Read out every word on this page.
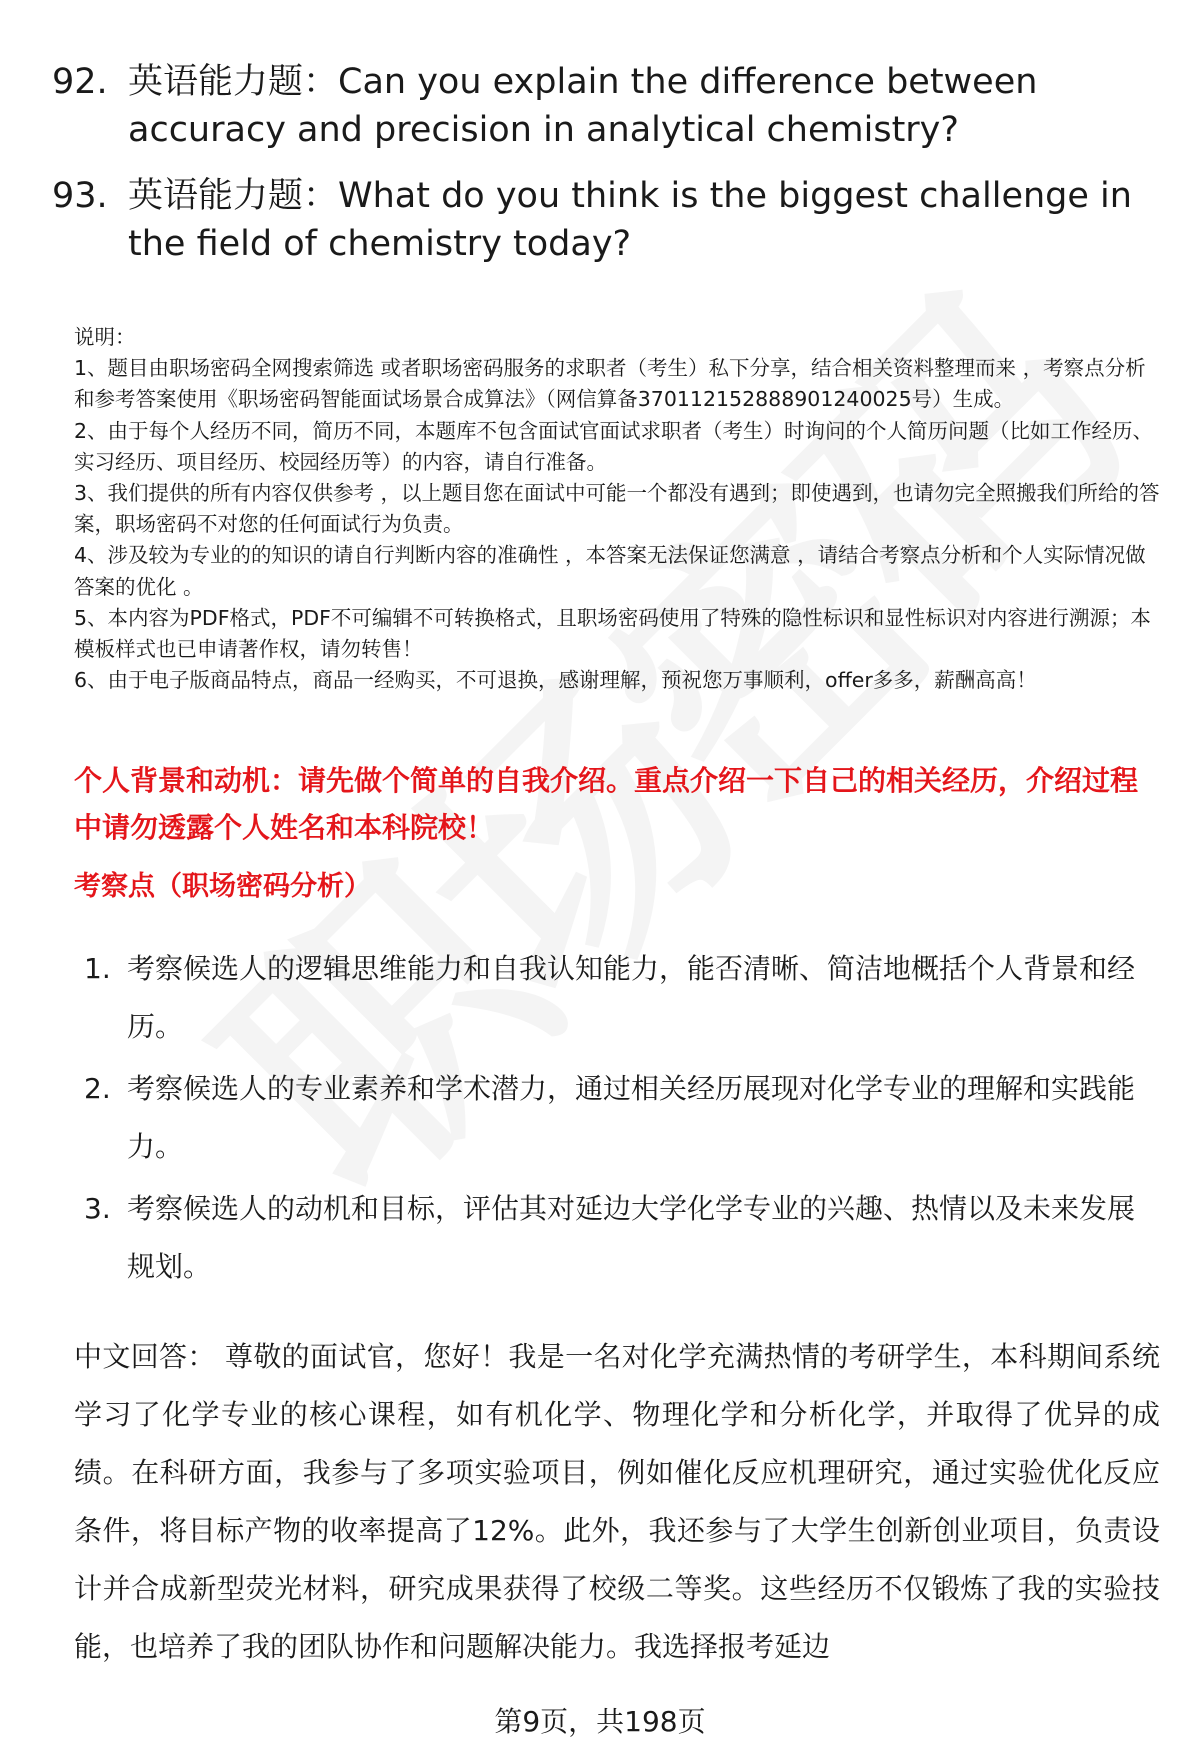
92. 英语能力题：Can you explain the difference between accuracy and precision in analytical chemistry?
93. 英语能力题：What do you think is the biggest challenge in the field of chemistry today?

说明：

1、题目由职场密码全网搜索筛选 或者职场密码服务的求职者（考生）私下分享，结合相关资料整理而来 ，考察点分析和参考答案使用《职场密码智能面试场景合成算法》（网信算备370112152888901240025号）生成。

2、由于每个人经历不同，简历不同，本题库不包含面试官面试求职者（考生）时询问的个人简历问题（比如工作经历、实习经历、项目经历、校园经历等）的内容，请自行准备。

3、我们提供的所有内容仅供参考 ，以上题目您在面试中可能一个都没有遇到；即使遇到，也请勿完全照搬我们所给的答案，职场密码不对您的任何面试行为负责。

4、涉及较为专业的的知识的请自行判断内容的准确性 ，本答案无法保证您满意 ，请结合考察点分析和个人实际情况做答案的优化 。

5、本内容为PDF格式，PDF不可编辑不可转换格式，且职场密码使用了特殊的隐性标识和显性标识对内容进行溯源；本模板样式也已申请著作权，请勿转售！

6、由于电子版商品特点，商品一经购买，不可退换，感谢理解，预祝您万事顺利，offer多多，薪酬高高！

个人背景和动机：请先做个简单的自我介绍。重点介绍一下自己的相关经历，介绍过程中请勿透露个人姓名和本科院校！
考察点（职场密码分析）
1. 考察候选人的逻辑思维能力和自我认知能力，能否清晰、简洁地概括个人背景和经历。
2. 考察候选人的专业素养和学术潜力，通过相关经历展现对化学专业的理解和实践能力。
3. 考察候选人的动机和目标，评估其对延边大学化学专业的兴趣、热情以及未来发展规划。
中文回答： 尊敬的面试官，您好！我是一名对化学充满热情的考研学生，本科期间系统学习了化学专业的核心课程，如有机化学、物理化学和分析化学，并取得了优异的成绩。在科研方面，我参与了多项实验项目，例如催化反应机理研究，通过实验优化反应条件，将目标产物的收率提高了12%。此外，我还参与了大学生创新创业项目，负责设计并合成新型荧光材料，研究成果获得了校级二等奖。这些经历不仅锻炼了我的实验技能，也培养了我的团队协作和问题解决能力。我选择报考延边
第9页，共198页
